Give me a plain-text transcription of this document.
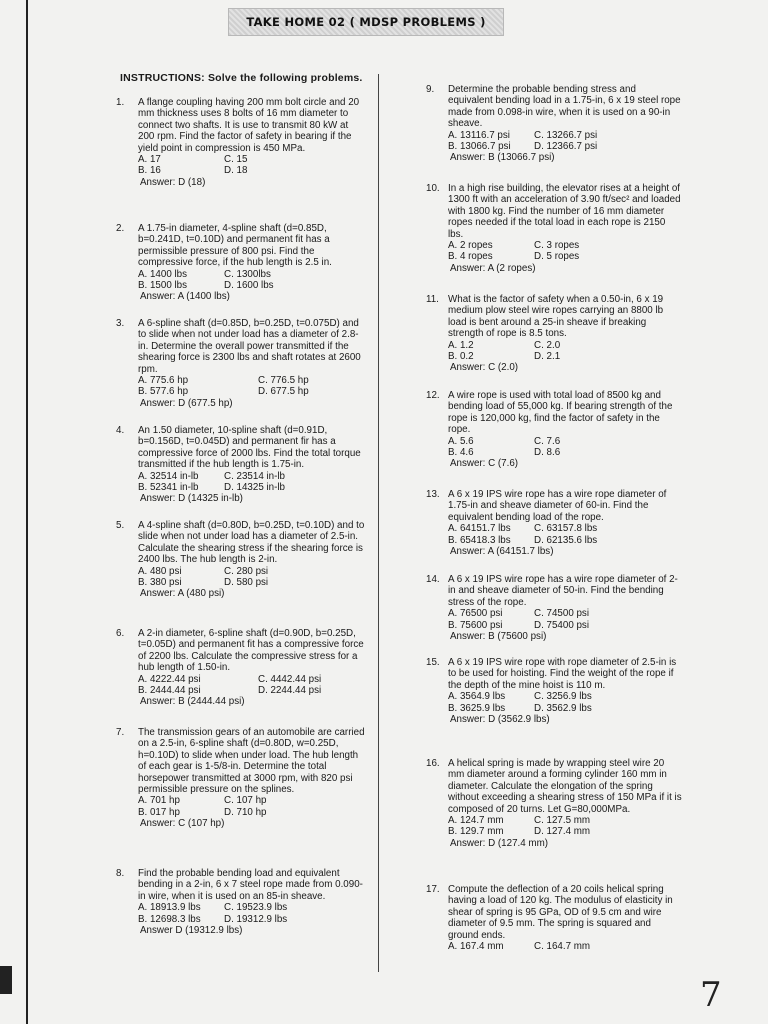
TAKE HOME 02 ( MDSP PROBLEMS )
INSTRUCTIONS: Solve the following problems.
1. A flange coupling having 200 mm bolt circle and 20 mm thickness uses 8 bolts of 16 mm diameter to connect two shafts. It is use to transmit 80 kW at 200 rpm. Find the factor of safety in bearing if the yield point in compression is 450 MPa.
A. 17	C. 15
B. 16	D. 18
Answer: D (18)
2. A 1.75-in diameter, 4-spline shaft (d=0.85D, b=0.241D, t=0.10D) and permanent fit has a permissible pressure of 800 psi. Find the compressive force, if the hub length is 2.5 in.
A. 1400 lbs	C. 1300lbs
B. 1500 lbs	D. 1600 lbs
Answer: A (1400 lbs)
3. A 6-spline shaft (d=0.85D, b=0.25D, t=0.075D) and to slide when not under load has a diameter of 2.8-in. Determine the overall power transmitted if the shearing force is 2300 lbs and shaft rotates at 2600 rpm.
A. 775.6 hp	C. 776.5 hp
B. 577.6 hp	D. 677.5 hp
Answer: D (677.5 hp)
4. An 1.50 diameter, 10-spline shaft (d=0.91D, b=0.156D, t=0.045D) and permanent fir has a compressive force of 2000 lbs. Find the total torque transmitted if the hub length is 1.75-in.
A. 32514 in-lb	C. 23514 in-lb
B. 52341 in-lb	D. 14325 in-lb
Answer: D (14325 in-lb)
5. A 4-spline shaft (d=0.80D, b=0.25D, t=0.10D) and to slide when not under load has a diameter of 2.5-in. Calculate the shearing stress if the shearing force is 2400 lbs. The hub length is 2-in.
A. 480 psi	C. 280 psi
B. 380 psi	D. 580 psi
Answer: A (480 psi)
6. A 2-in diameter, 6-spline shaft (d=0.90D, b=0.25D, t=0.05D) and permanent fit has a compressive force of 2200 lbs. Calculate the compressive stress for a hub length of 1.50-in.
A. 4222.44 psi	C. 4442.44 psi
B. 2444.44 psi	D. 2244.44 psi
Answer: B (2444.44 psi)
7. The transmission gears of an automobile are carried on a 2.5-in, 6-spline shaft (d=0.80D, w=0.25D, h=0.10D) to slide when under load. The hub length of each gear is 1-5/8-in. Determine the total horsepower transmitted at 3000 rpm, with 820 psi permissible pressure on the splines.
A. 701 hp	C. 107 hp
B. 017 hp	D. 710 hp
Answer: C (107 hp)
8. Find the probable bending load and equivalent bending in a 2-in, 6 x 7 steel rope made from 0.090-in wire, when it is used on an 85-in sheave.
A. 18913.9 lbs	C. 19523.9 lbs
B. 12698.3 lbs	D. 19312.9 lbs
Answer D (19312.9 lbs)
9. Determine the probable bending stress and equivalent bending load in a 1.75-in, 6 x 19 steel rope made from 0.098-in wire, when it is used on a 90-in sheave.
A. 13116.7 psi	C. 13266.7 psi
B. 13066.7 psi	D. 12366.7 psi
Answer: B (13066.7 psi)
10. In a high rise building, the elevator rises at a height of 1300 ft with an acceleration of 3.90 ft/sec² and loaded with 1800 kg. Find the number of 16 mm diameter ropes needed if the total load in each rope is 2150 lbs.
A. 2 ropes	C. 3 ropes
B. 4 ropes	D. 5 ropes
Answer: A (2 ropes)
11. What is the factor of safety when a 0.50-in, 6 x 19 medium plow steel wire ropes carrying an 8800 lb load is bent around a 25-in sheave if breaking strength of rope is 8.5 tons.
A. 1.2	C. 2.0
B. 0.2	D. 2.1
Answer: C (2.0)
12. A wire rope is used with total load of 8500 kg and bending load of 55,000 kg. If bearing strength of the rope is 120,000 kg, find the factor of safety in the rope.
A. 5.6	C. 7.6
B. 4.6	D. 8.6
Answer: C (7.6)
13. A 6 x 19 IPS wire rope has a wire rope diameter of 1.75-in and sheave diameter of 60-in. Find the equivalent bending load of the rope.
A. 64151.7 lbs	C. 63157.8 lbs
B. 65418.3 lbs	D. 62135.6 lbs
Answer: A (64151.7 lbs)
14. A 6 x 19 IPS wire rope has a wire rope diameter of 2-in and sheave diameter of 50-in. Find the bending stress of the rope.
A. 76500 psi	C. 74500 psi
B. 75600 psi	D. 75400 psi
Answer: B (75600 psi)
15. A 6 x 19 IPS wire rope with rope diameter of 2.5-in is to be used for hoisting. Find the weight of the rope if the depth of the mine hoist is 110 m.
A. 3564.9 lbs	C. 3256.9 lbs
B. 3625.9 lbs	D. 3562.9 lbs
Answer: D (3562.9 lbs)
16. A helical spring is made by wrapping steel wire 20 mm diameter around a forming cylinder 160 mm in diameter. Calculate the elongation of the spring without exceeding a shearing stress of 150 MPa if it is composed of 20 turns. Let G=80,000MPa.
A. 124.7 mm	C. 127.5 mm
B. 129.7 mm	D. 127.4 mm
Answer: D (127.4 mm)
17. Compute the deflection of a 20 coils helical spring having a load of 120 kg. The modulus of elasticity in shear of spring is 95 GPa, OD of 9.5 cm and wire diameter of 9.5 mm. The spring is squared and ground ends.
A. 167.4 mm	C. 164.7 mm
7
